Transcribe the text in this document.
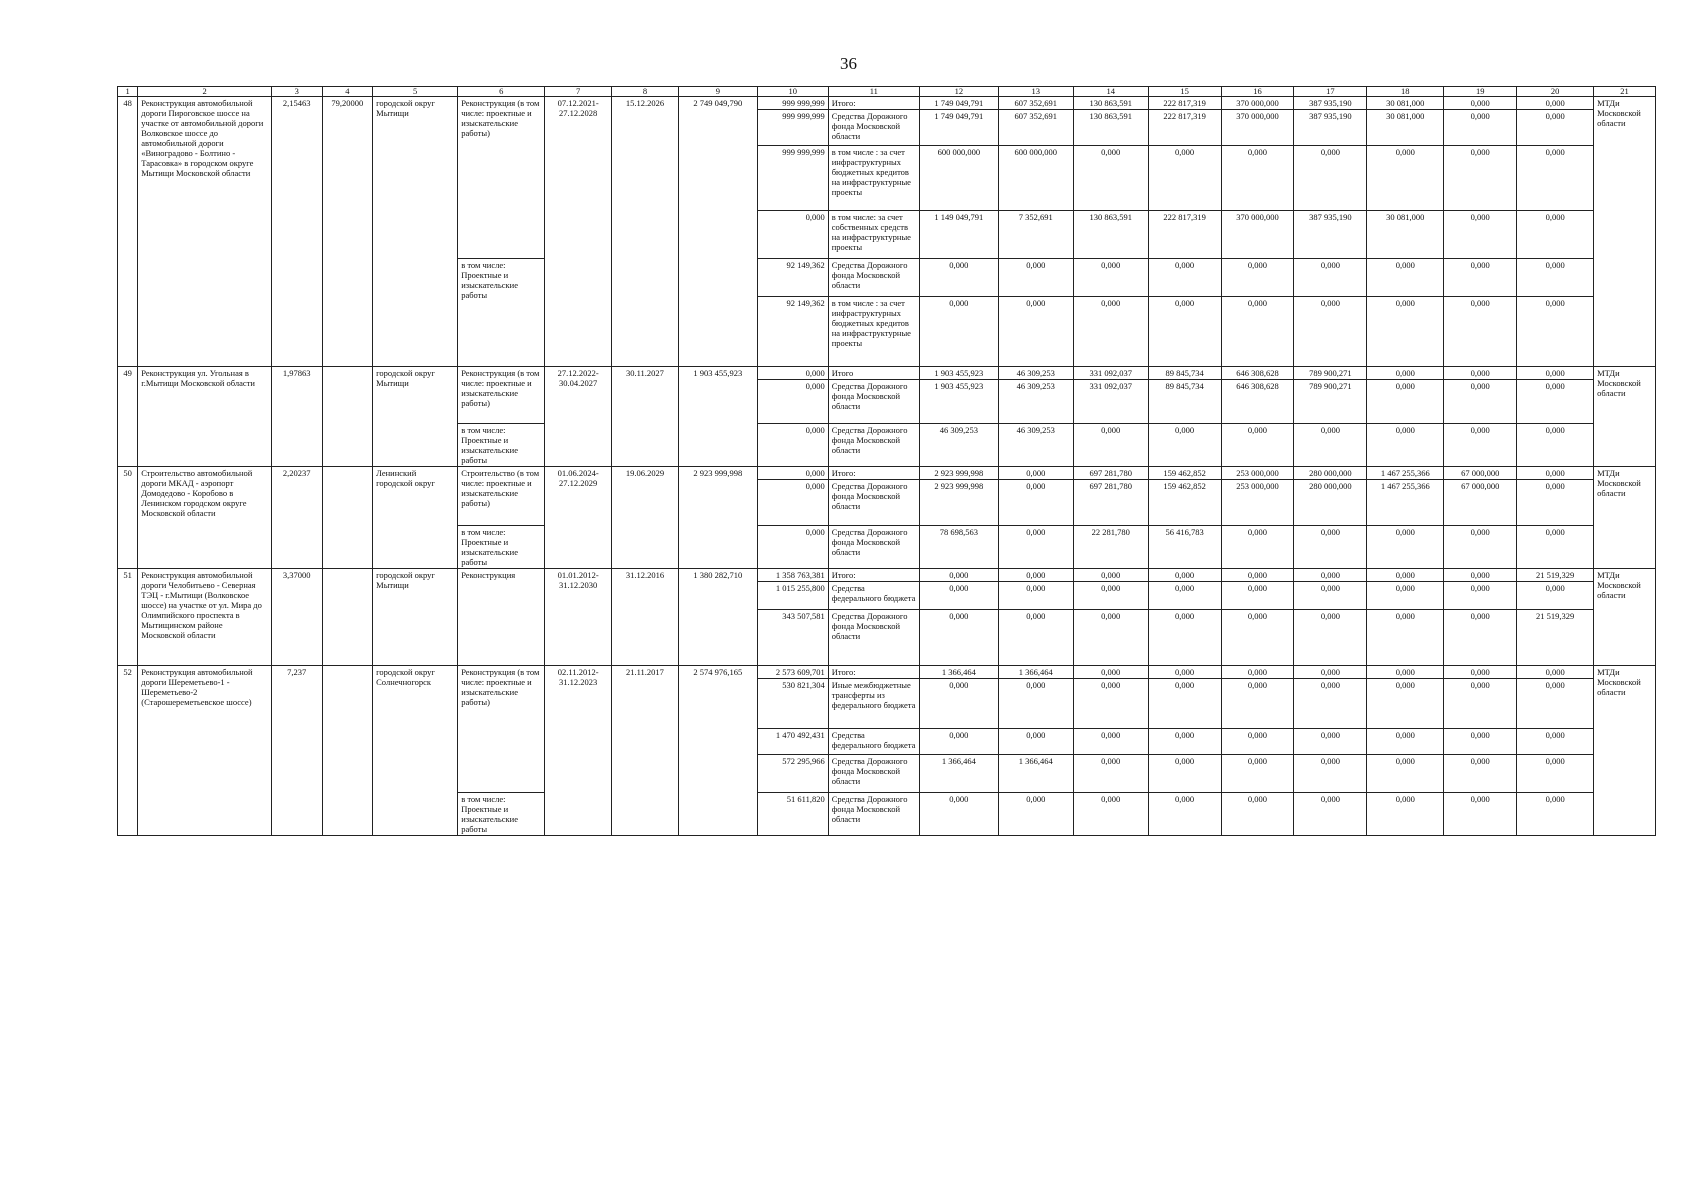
36
1	2	3	4	5	6	7	8	9	10	11	12	13	14	15	16	17	18	19	20	21
48	Реконструкция автомобильной дороги Пироговское шоссе на участке от автомобильной дороги Волковское шоссе до автомобильной дороги «Виноградово - Болтино - Тарасовка» в городском округе Мытищи Московской области	2,15463	79,20000	городской округ Мытищи	Реконструкция (в том числе: проектные и изыскательские работы)	07.12.2021-27.12.2028	15.12.2026	2 749 049,790	999 999,999	Итого:	1 749 049,791	607 352,691	130 863,591	222 817,319	370 000,000	387 935,190	30 081,000	0,000	0,000	МТДи Московской области
									999 999,999	Средства Дорожного фонда Московской области	1 749 049,791	607 352,691	130 863,591	222 817,319	370 000,000	387 935,190	30 081,000	0,000	0,000	
									999 999,999	в том числе : за счет инфраструктурных бюджетных кредитов на инфраструктурные проекты	600 000,000	600 000,000	0,000	0,000	0,000	0,000	0,000	0,000	0,000	
									0,000	в том числе: за счет собственных средств на инфраструктурные проекты	1 149 049,791	7 352,691	130 863,591	222 817,319	370 000,000	387 935,190	30 081,000	0,000	0,000	
					в том числе: Проектные и изыскательские работы				92 149,362	Средства Дорожного фонда Московской области	0,000	0,000	0,000	0,000	0,000	0,000	0,000	0,000	0,000	
									92 149,362	в том числе : за счет инфраструктурных бюджетных кредитов на инфраструктурные проекты	0,000	0,000	0,000	0,000	0,000	0,000	0,000	0,000	0,000	
49	Реконструкция ул. Угольная в г.Мытищи Московской области	1,97863		городской округ Мытищи	Реконструкция (в том числе: проектные и изыскательские работы)	27.12.2022-30.04.2027	30.11.2027	1 903 455,923	0,000	Итого	1 903 455,923	46 309,253	331 092,037	89 845,734	646 308,628	789 900,271	0,000	0,000	0,000	МТДи Московской области
									0,000	Средства Дорожного фонда Московской области	1 903 455,923	46 309,253	331 092,037	89 845,734	646 308,628	789 900,271	0,000	0,000	0,000	
					в том числе: Проектные и изыскательские работы				0,000	Средства Дорожного фонда Московской области	46 309,253	46 309,253	0,000	0,000	0,000	0,000	0,000	0,000	0,000	
50	Строительство автомобильной дороги МКАД - аэропорт Домодедово - Коробово в Ленинском городском округе Московской области	2,20237		Ленинский городской округ	Строительство (в том числе: проектные и изыскательские работы)	01.06.2024-27.12.2029	19.06.2029	2 923 999,998	0,000	Итого:	2 923 999,998	0,000	697 281,780	159 462,852	253 000,000	280 000,000	1 467 255,366	67 000,000	0,000	МТДи Московской области
									0,000	Средства Дорожного фонда Московской области	2 923 999,998	0,000	697 281,780	159 462,852	253 000,000	280 000,000	1 467 255,366	67 000,000	0,000	
					в том числе: Проектные и изыскательские работы				0,000	Средства Дорожного фонда Московской области	78 698,563	0,000	22 281,780	56 416,783	0,000	0,000	0,000	0,000	0,000	
51	Реконструкция автомобильной дороги Челобитьево - Северная ТЭЦ - г.Мытищи (Волковское шоссе) на участке от ул. Мира до Олимпийского проспекта в Мытищинском районе Московской области	3,37000		городской округ Мытищи	Реконструкция	01.01.2012-31.12.2030	31.12.2016	1 380 282,710	1 358 763,381	Итого:	0,000	0,000	0,000	0,000	0,000	0,000	0,000	0,000	21 519,329	МТДи Московской области
									1 015 255,800	Средства федерального бюджета	0,000	0,000	0,000	0,000	0,000	0,000	0,000	0,000	0,000	
									343 507,581	Средства Дорожного фонда Московской области	0,000	0,000	0,000	0,000	0,000	0,000	0,000	0,000	21 519,329	
52	Реконструкция автомобильной дороги Шереметьево-1 - Шереметьево-2 (Старошереметьевское шоссе)	7,237		городской округ Солнечногорск	Реконструкция (в том числе: проектные и изыскательские работы)	02.11.2012-31.12.2023	21.11.2017	2 574 976,165	2 573 609,701	Итого:	1 366,464	1 366,464	0,000	0,000	0,000	0,000	0,000	0,000	0,000	МТДи Московской области
									530 821,304	Иные межбюджетные трансферты из федерального бюджета	0,000	0,000	0,000	0,000	0,000	0,000	0,000	0,000	0,000	
									1 470 492,431	Средства федерального бюджета	0,000	0,000	0,000	0,000	0,000	0,000	0,000	0,000	0,000	
									572 295,966	Средства Дорожного фонда Московской области	1 366,464	1 366,464	0,000	0,000	0,000	0,000	0,000	0,000	0,000	
					в том числе: Проектные и изыскательские работы				51 611,820	Средства Дорожного фонда Московской области	0,000	0,000	0,000	0,000	0,000	0,000	0,000	0,000	0,000	
